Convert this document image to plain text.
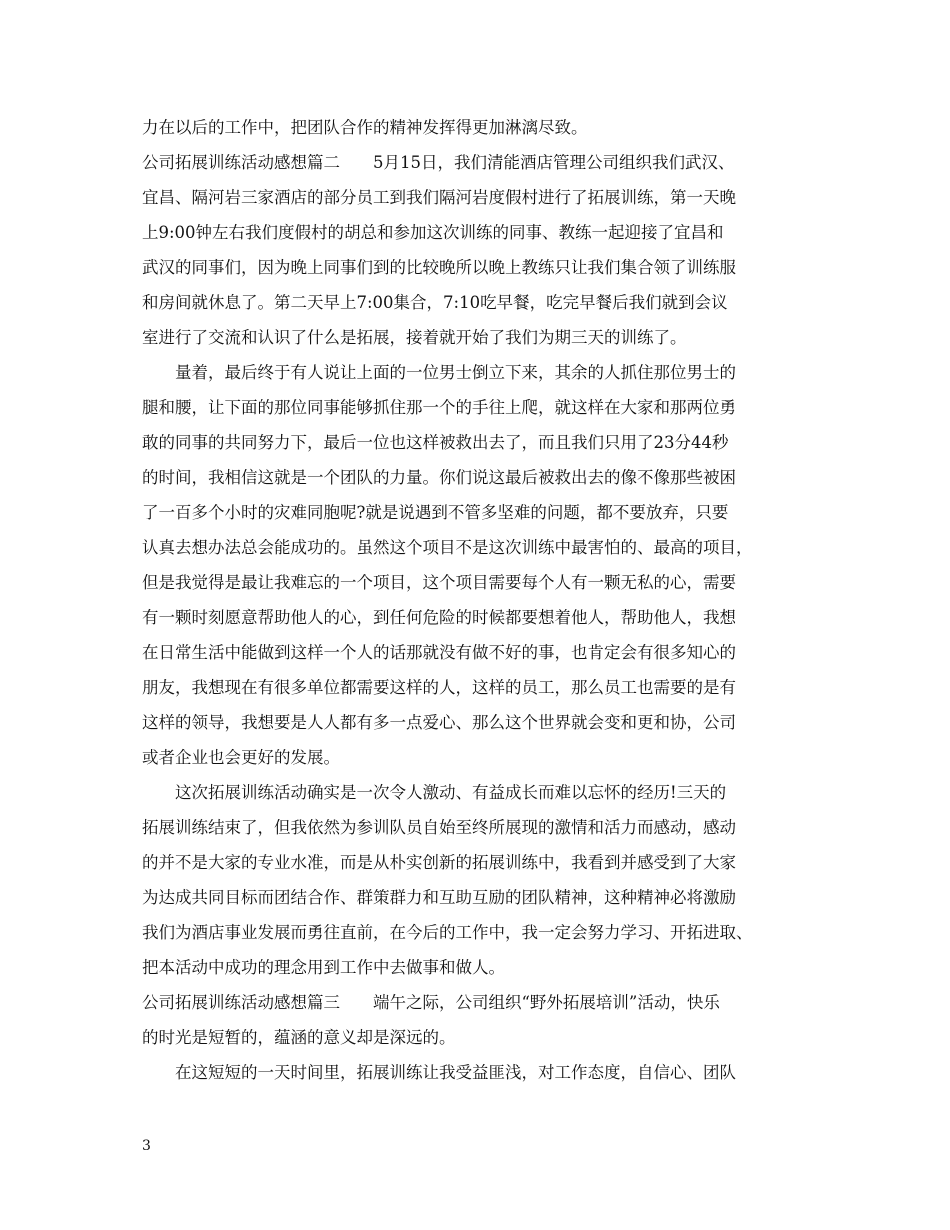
力在以后的工作中，把团队合作的精神发挥得更加淋漓尽致。
公司拓展训练活动感想篇二　　5月15日，我们清能酒店管理公司组织我们武汉、
宜昌、隔河岩三家酒店的部分员工到我们隔河岩度假村进行了拓展训练，第一天晚
上9:00钟左右我们度假村的胡总和参加这次训练的同事、教练一起迎接了宜昌和
武汉的同事们，因为晚上同事们到的比较晚所以晚上教练只让我们集合领了训练服
和房间就休息了。第二天早上7:00集合，7:10吃早餐，吃完早餐后我们就到会议
室进行了交流和认识了什么是拓展，接着就开始了我们为期三天的训练了。
　　量着，最后终于有人说让上面的一位男士倒立下来，其余的人抓住那位男士的
腿和腰，让下面的那位同事能够抓住那一个的手往上爬，就这样在大家和那两位勇
敢的同事的共同努力下，最后一位也这样被救出去了，而且我们只用了23分44秒
的时间，我相信这就是一个团队的力量。你们说这最后被救出去的像不像那些被困
了一百多个小时的灾难同胞呢?就是说遇到不管多坚难的问题，都不要放弃，只要
认真去想办法总会能成功的。虽然这个项目不是这次训练中最害怕的、最高的项目，
但是我觉得是最让我难忘的一个项目，这个项目需要每个人有一颗无私的心，需要
有一颗时刻愿意帮助他人的心，到任何危险的时候都要想着他人，帮助他人，我想
在日常生活中能做到这样一个人的话那就没有做不好的事，也肯定会有很多知心的
朋友，我想现在有很多单位都需要这样的人，这样的员工，那么员工也需要的是有
这样的领导，我想要是人人都有多一点爱心、那么这个世界就会变和更和协，公司
或者企业也会更好的发展。
　　这次拓展训练活动确实是一次令人激动、有益成长而难以忘怀的经历!三天的
拓展训练结束了，但我依然为参训队员自始至终所展现的激情和活力而感动，感动
的并不是大家的专业水准，而是从朴实创新的拓展训练中，我看到并感受到了大家
为达成共同目标而团结合作、群策群力和互助互励的团队精神，这种精神必将激励
我们为酒店事业发展而勇往直前，在今后的工作中，我一定会努力学习、开拓进取、
把本活动中成功的理念用到工作中去做事和做人。
公司拓展训练活动感想篇三　　端午之际，公司组织“野外拓展培训”活动，快乐
的时光是短暂的，蕴涵的意义却是深远的。
　　在这短短的一天时间里，拓展训练让我受益匪浅，对工作态度，自信心、团队
3
